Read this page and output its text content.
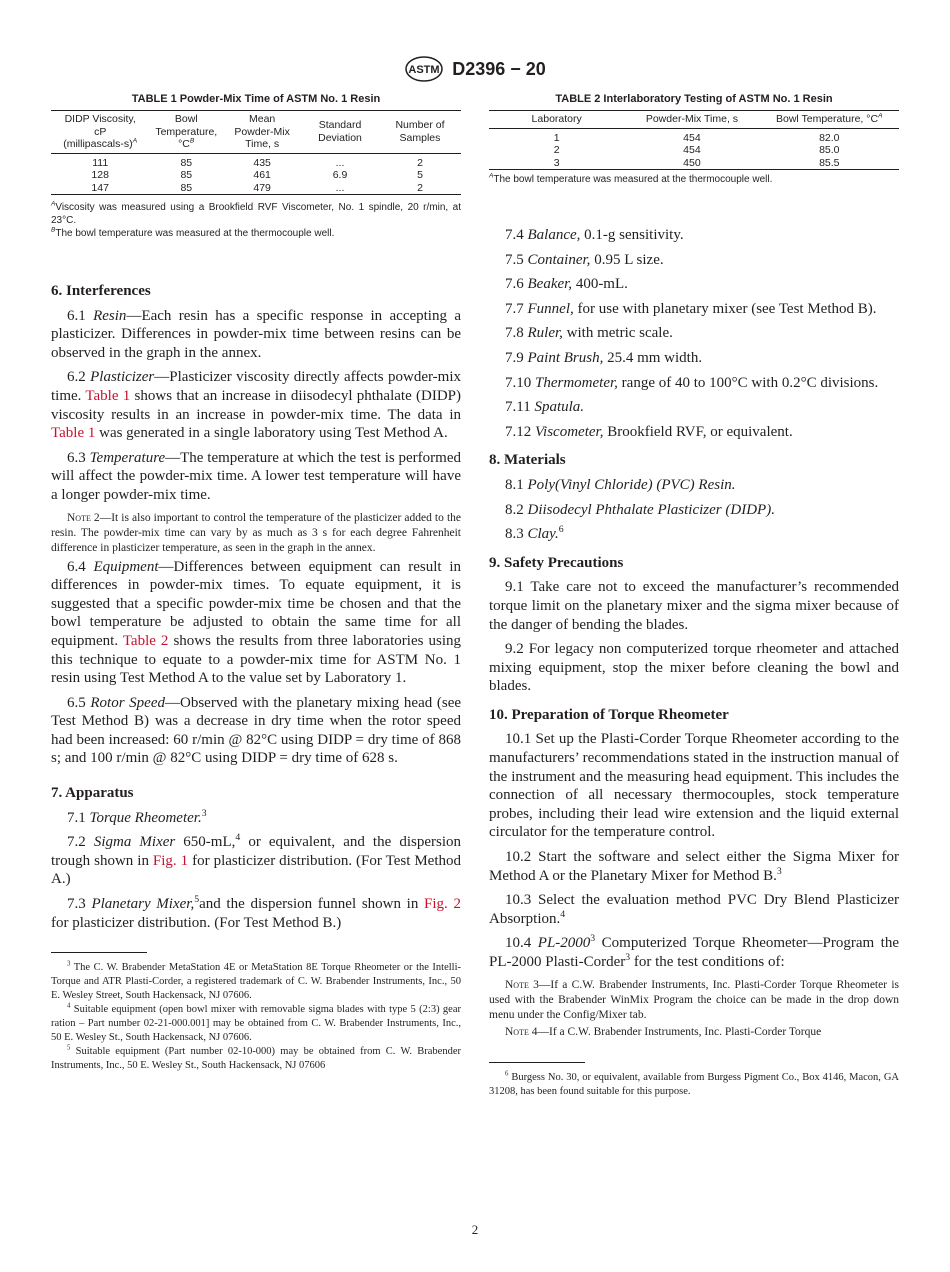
ASTM D2396 − 20
TABLE 1 Powder-Mix Time of ASTM No. 1 Resin
DIDP Viscosity,
cP
(millipascals-s)$^A$	Bowl
Temperature,
$^\circ C^B$	Mean
Powder-Mix
Time, s	Standard
Deviation	Number of
Samples
111	85	435	...	2
128	85	461	6.9	5
147	85	479	...	2

$^A$Viscosity was measured using a Brookfield RVF Viscometer, No. 1 spindle, 20 r/min, at 23°C.

$^B$The bowl temperature was measured at the thermocouple well.

6. Interferences

6.1 Resin—Each resin has a specific response in accepting a plasticizer. Differences in powder-mix time between resins can be observed in the graph in the annex.

6.2 Plasticizer—Plasticizer viscosity directly affects powder-mix time. Table 1 shows that an increase in diisodecyl phthalate (DIDP) viscosity results in an increase in powder-mix time. The data in Table 1 was generated in a single laboratory using Test Method A.

6.3 Temperature—The temperature at which the test is performed will affect the powder-mix time. A lower test temperature will have a longer powder-mix time.

Note 2—It is also important to control the temperature of the plasticizer added to the resin. The powder-mix time can vary by as much as 3 s for each degree Fahrenheit difference in plasticizer temperature, as seen in the graph in the annex.

6.4 Equipment—Differences between equipment can result in differences in powder-mix times. To equate equipment, it is suggested that a specific powder-mix time be chosen and that the bowl temperature be adjusted to obtain the same time for all equipment. Table 2 shows the results from three laboratories using this technique to equate to a powder-mix time for ASTM No. 1 resin using Test Method A to the value set by Laboratory 1.

6.5 Rotor Speed—Observed with the planetary mixing head (see Test Method B) was a decrease in dry time when the rotor speed had been increased: 60 r/min @ 82°C using DIDP = dry time of 868 s; and 100 r/min @ 82°C using DIDP = dry time of 628 s.

7. Apparatus

7.1 Torque Rheometer.$^3$

7.2 Sigma Mixer 650-mL,$^4$ or equivalent, and the dispersion trough shown in Fig. 1 for plasticizer distribution. (For Test Method A.)

7.3 Planetary Mixer,$^5$and the dispersion funnel shown in Fig. 2 for plasticizer distribution. (For Test Method B.)

$^3$ The C. W. Brabender MetaStation 4E or MetaStation 8E Torque Rheometer or the Intelli-Torque and ATR Plasti-Corder, a registered trademark of C. W. Brabender Instruments, Inc., 50 E. Wesley Street, South Hackensack, NJ 07606.

$^4$ Suitable equipment (open bowl mixer with removable sigma blades with type 5 (2:3) gear ration – Part number 02-21-000.001] may be obtained from C. W. Brabender Instruments, Inc., 50 E. Wesley St., South Hackensack, NJ 07606.

$^5$ Suitable equipment (Part number 02-10-000) may be obtained from C. W. Brabender Instruments, Inc., 50 E. Wesley St., South Hackensack, NJ 07606

TABLE 2 Interlaboratory Testing of ASTM No. 1 Resin
Laboratory	Powder-Mix Time, s	Bowl Temperature, $^\circ C^A$
1	454	82.0
2	454	85.0
3	450	85.5

$^A$The bowl temperature was measured at the thermocouple well.

7.4 Balance, 0.1-g sensitivity.

7.5 Container, 0.95 L size.

7.6 Beaker, 400-mL.

7.7 Funnel, for use with planetary mixer (see Test Method B).

7.8 Ruler, with metric scale.

7.9 Paint Brush, 25.4 mm width.

7.10 Thermometer, range of 40 to 100°C with 0.2°C divisions.

7.11 Spatula.

7.12 Viscometer, Brookfield RVF, or equivalent.

8. Materials

8.1 Poly(Vinyl Chloride) (PVC) Resin.

8.2 Diisodecyl Phthalate Plasticizer (DIDP).

8.3 Clay.$^6$

9. Safety Precautions

9.1 Take care not to exceed the manufacturer’s recommended torque limit on the planetary mixer and the sigma mixer because of the danger of bending the blades.

9.2 For legacy non computerized torque rheometer and attached mixing equipment, stop the mixer before cleaning the bowl and blades.

10. Preparation of Torque Rheometer

10.1 Set up the Plasti-Corder Torque Rheometer according to the manufacturers’ recommendations stated in the instruction manual of the instrument and the measuring head equipment. This includes the connection of all necessary thermocouples, stock temperature probes, including their lead wire extension and the liquid external circulator for the temperature control.

10.2 Start the software and select either the Sigma Mixer for Method A or the Planetary Mixer for Method B.$^3$

10.3 Select the evaluation method PVC Dry Blend Plasticizer Absorption.$^4$

10.4 PL-2000$^3$ Computerized Torque Rheometer—Program the PL-2000 Plasti-Corder$^3$ for the test conditions of:

Note 3—If a C.W. Brabender Instruments, Inc. Plasti-Corder Torque Rheometer is used with the Brabender WinMix Program the choice can be made in the drop down menu under the Config/Mixer tab.

Note 4—If a C.W. Brabender Instruments, Inc. Plasti-Corder Torque

$^6$ Burgess No. 30, or equivalent, available from Burgess Pigment Co., Box 4146, Macon, GA 31208, has been found suitable for this purpose.

2
